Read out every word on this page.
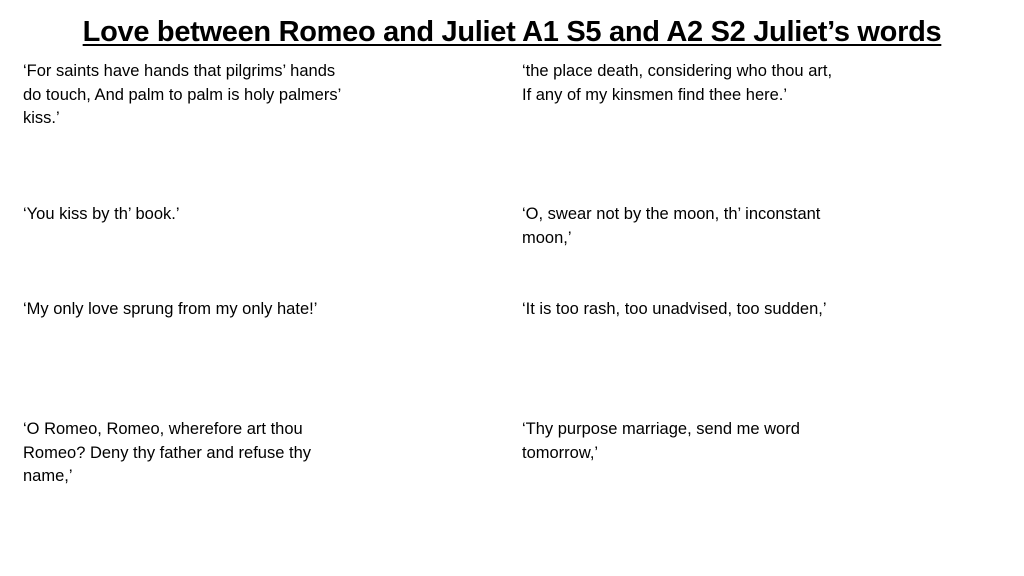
Love between Romeo and Juliet A1 S5 and A2 S2 Juliet’s words

‘For saints have hands that pilgrims’ hands
do touch, And palm to palm is holy palmers’
kiss.’

‘the place death, considering who thou art,
If any of my kinsmen find thee here.’

‘You kiss by th’ book.’	‘O, swear not by the moon, th’ inconstant
moon,’

‘My only love sprung from my only hate!’	‘It is too rash, too unadvised, too sudden,’

‘O Romeo, Romeo, wherefore art thou
Romeo? Deny thy father and refuse thy
name,’

‘Thy purpose marriage, send me word
tomorrow,’
